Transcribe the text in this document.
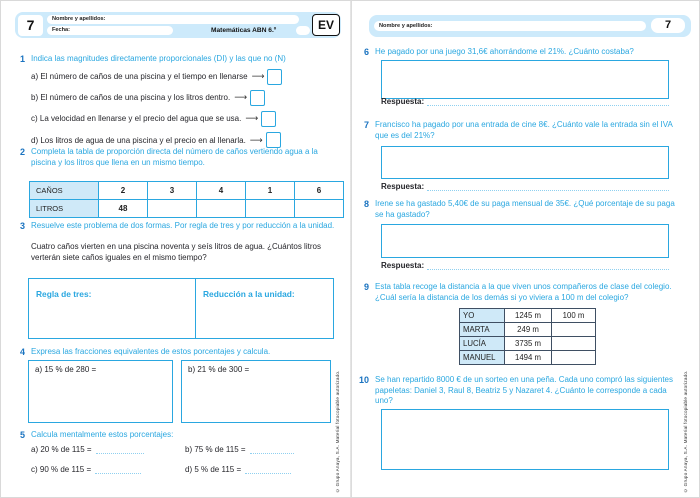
7	Nombre y apellidos:
Fecha:	Matemáticas ABN 6.º	EV
1 Indica las magnitudes directamente proporcionales (DI) y las que no (N)
a) El número de caños de una piscina y el tiempo en llenarse ⟶
b) El número de caños de una piscina y los litros dentro. ⟶
c) La velocidad en llenarse y el precio del agua que se usa. ⟶
d) Los litros de agua de una piscina y el precio en al llenarla. ⟶
2 Completa la tabla de proporción directa del número de caños vertiendo agua a la piscina y los litros que llena en un mismo tiempo.
CAÑOS	2	3	4	1	6
LITROS	48				
3 Resuelve este problema de dos formas. Por regla de tres y por reducción a la unidad.
Cuatro caños vierten en una piscina noventa y seís litros de agua. ¿Cuántos litros verterán siete caños iguales en el mismo tiempo?
Regla de tres:	Reducción a la unidad:
4 Expresa las fracciones equivalentes de estos porcentajes y calcula.
a) 15 % de 280 =	b) 21 % de 300 =
5 Calcula mentalmente estos porcentajes:
a) 20 % de 115 =	b) 75 % de 115 =
c) 90 % de 115 =	d) 5 % de 115 =	© Grupo Anaya, S.A. Material fotocopiable autorizado.
Nombre y apellidos:	7
6 He pagado por una juego 31,6€ ahorrándome el 21%. ¿Cuánto costaba?
Respuesta:
7 Francisco ha pagado por una entrada de cine 8€. ¿Cuánto vale la entrada sin el IVA que es del 21%?
Respuesta:
8 Irene se ha gastado 5,40€ de su paga mensual de 35€. ¿Qué porcentaje de su paga se ha gastado?
Respuesta:
9 Esta tabla recoge la distancia a la que viven unos compañeros de clase del colegio. ¿Cuál sería la distancia de los demás si yo viviera a 100 m del colegio?
YO	1245 m	100 m
MARTA	249 m	
LUCÍA	3735 m	
MANUEL	1494 m	
10 Se han repartido 8000 € de un sorteo en una peña. Cada uno compró las siguientes papeletas: Daniel 3, Raul 8, Beatriz 5 y Nazaret 4. ¿Cuánto le corresponde a cada uno?	© Grupo Anaya, S.A. Material fotocopiable autorizado.
